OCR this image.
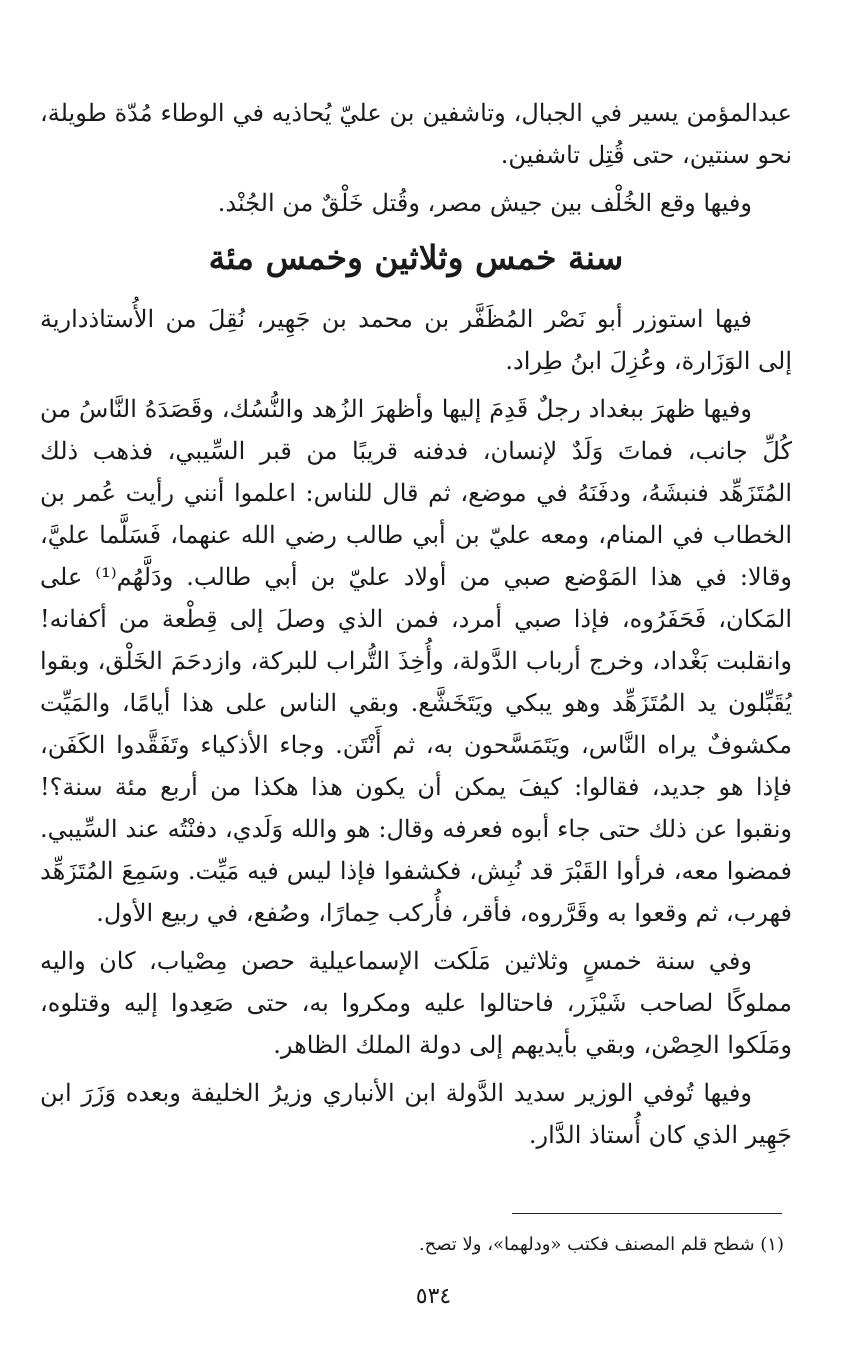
عبدالمؤمن يسير في الجبال، وتاشفين بن عليّ يُحاذيه في الوطاء مُدّة طويلة، نحو سنتين، حتى قُتِل تاشفين.

وفيها وقع الخُلْف بين جيش مصر، وقُتل خَلْقٌ من الجُنْد.

سنة خمس وثلاثين وخمس مئة

فيها استوزر أبو نَصْر المُظَفَّر بن محمد بن جَهِير، نُقِلَ من الأُستاذدارية إلى الوَزَارة، وعُزِلَ ابنُ طِراد.

وفيها ظهرَ ببغداد رجلٌ قَدِمَ إليها وأظهرَ الزُهد والنُّسُك، وقَصَدَهُ النَّاسُ من كُلِّ جانب، فماتَ وَلَدٌ لإنسان، فدفنه قريبًا من قبر السِّيبي، فذهب ذلك المُتَزَهِّد فنبشَهُ، ودفَنَهُ في موضع، ثم قال للناس: اعلموا أنني رأيت عُمر بن الخطاب في المنام، ومعه عليّ بن أبي طالب رضي الله عنهما، فَسَلَّما عليَّ، وقالا: في هذا المَوْضع صبي من أولاد عليّ بن أبي طالب. ودَلَّهُم⁽¹⁾ على المَكان، فَحَفَرُوه، فإذا صبي أمرد، فمن الذي وصلَ إلى قِطْعة من أكفانه! وانقلبت بَغْداد، وخرج أرباب الدَّولة، وأُخِذَ التُّراب للبركة، وازدحَمَ الخَلْق، وبقوا يُقَبِّلون يد المُتَزَهِّد وهو يبكي ويَتَخَشَّع. وبقي الناس على هذا أيامًا، والمَيِّت مكشوفٌ يراه النَّاس، ويَتَمَسَّحون به، ثم أَنْتَن. وجاء الأذكياء وتَفَقَّدوا الكَفَن، فإذا هو جديد، فقالوا: كيفَ يمكن أن يكون هذا هكذا من أربع مئة سنة؟! ونقبوا عن ذلك حتى جاء أبوه فعرفه وقال: هو والله وَلَدي، دفنْتُه عند السِّيبي. فمضوا معه، فرأوا القَبْرَ قد نُبِش، فكشفوا فإذا ليس فيه مَيِّت. وسَمِعَ المُتَزَهِّد فهرب، ثم وقعوا به وقَرَّروه، فأقر، فأُركب حِمارًا، وصُفع، في ربيع الأول.

وفي سنة خمسٍ وثلاثين مَلَكت الإسماعيلية حصن مِصْياب، كان واليه مملوكًا لصاحب شَيْزَر، فاحتالوا عليه ومكروا به، حتى صَعِدوا إليه وقتلوه، ومَلَكوا الحِصْن، وبقي بأيديهم إلى دولة الملك الظاهر.

وفيها تُوفي الوزير سديد الدَّولة ابن الأنباري وزيرُ الخليفة وبعده وَزَرَ ابن جَهِير الذي كان أُستاذ الدَّار.

(١) شطح قلم المصنف فكتب «ودلهما»، ولا تصح.
٥٣٤
